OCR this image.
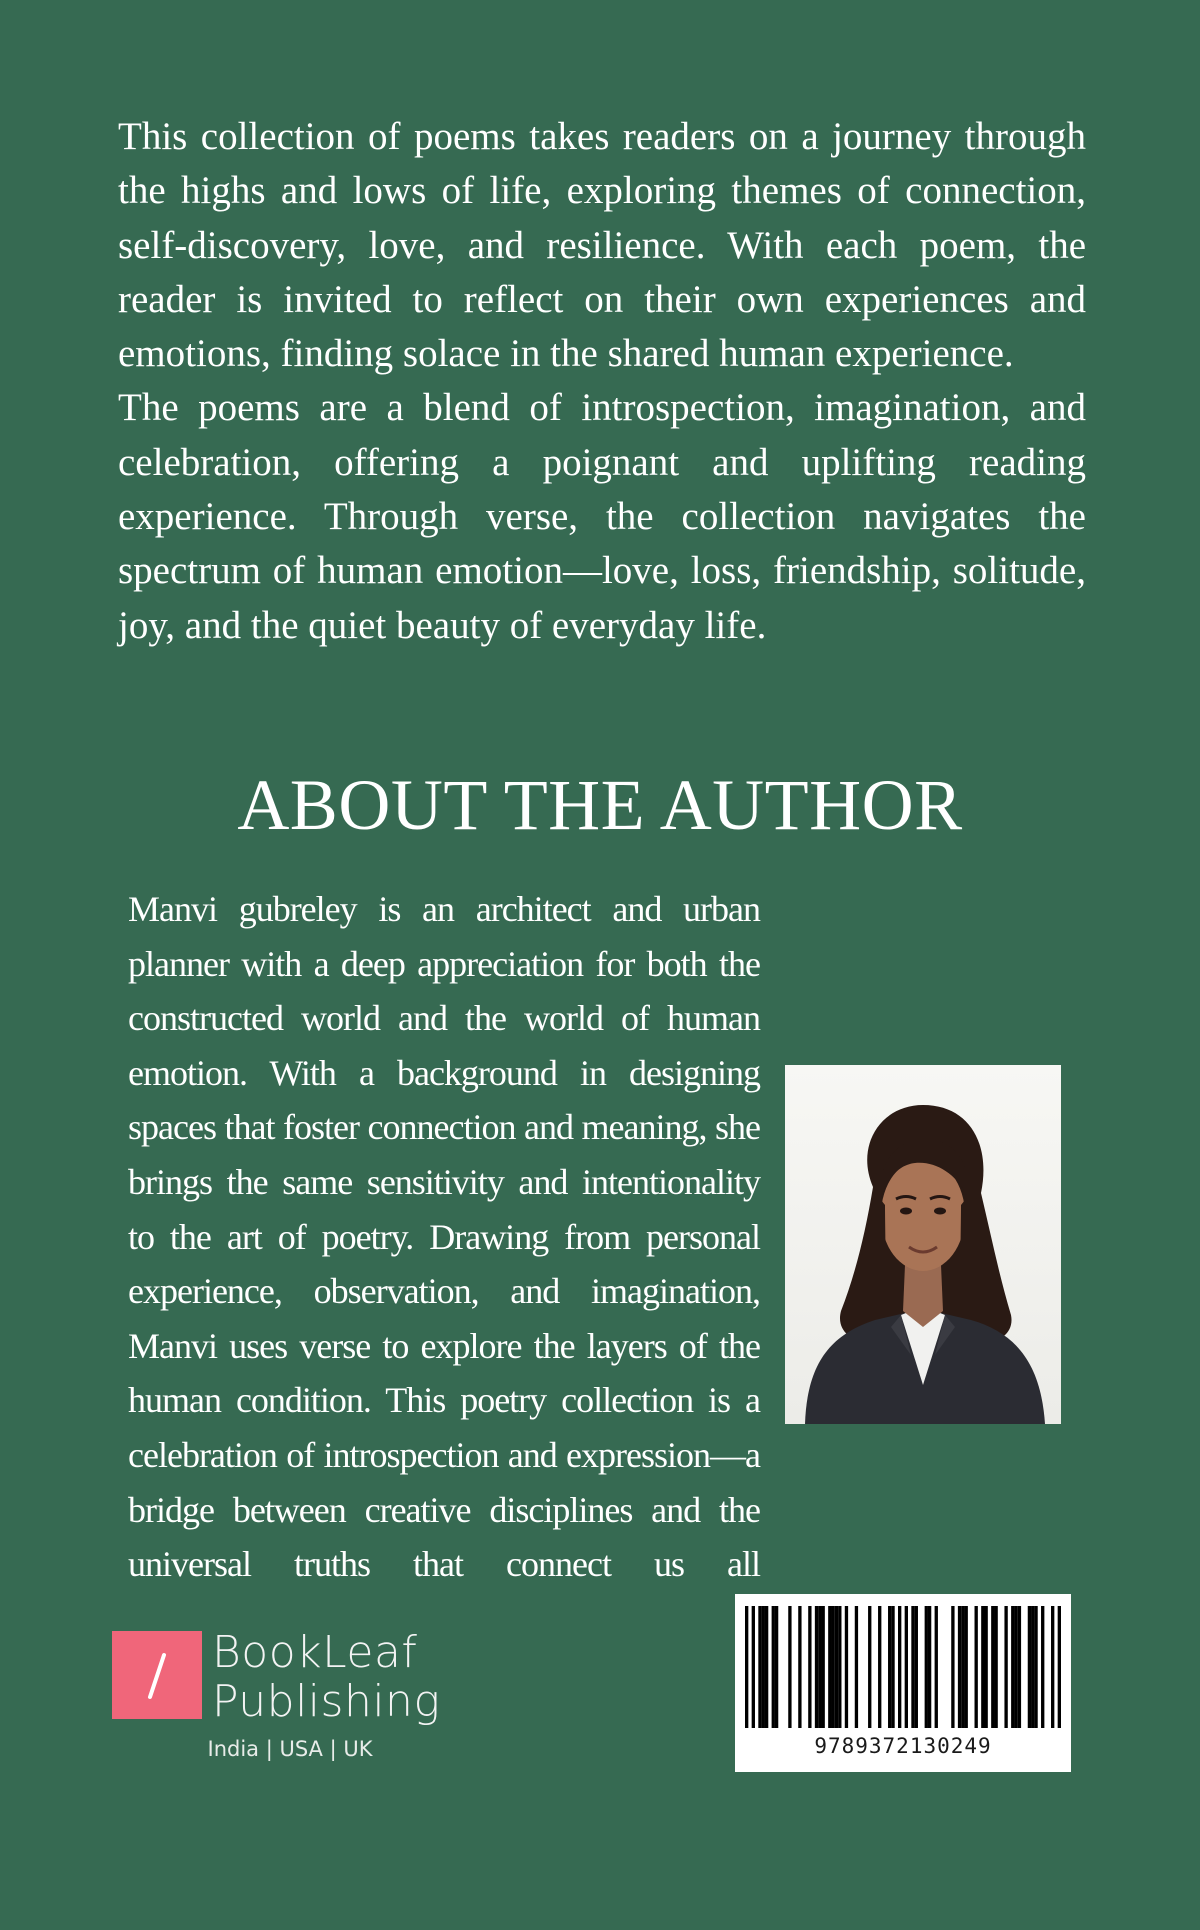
This collection of poems takes readers on a journey through the highs and lows of life, exploring themes of connection, self-discovery, love, and resilience. With each poem, the reader is invited to reflect on their own experiences and emotions, finding solace in the shared human experience.

The poems are a blend of introspection, imagination, and celebration, offering a poignant and uplifting reading experience. Through verse, the collection navigates the spectrum of human emotion—love, loss, friendship, solitude, joy, and the quiet beauty of everyday life.

ABOUT THE AUTHOR

Manvi gubreley is an architect and urban planner with a deep appreciation for both the constructed world and the world of human emotion. With a background in designing spaces that foster connection and meaning, she brings the same sensitivity and intentionality to the art of poetry. Drawing from personal experience, observation, and imagination, Manvi uses verse to explore the layers of the human condition. This poetry collection is a celebration of introspection and expression—a bridge between creative disciplines and the universal truths that connect us all

BookLeaf
Publishing
India | USA | UK	9789372130249
